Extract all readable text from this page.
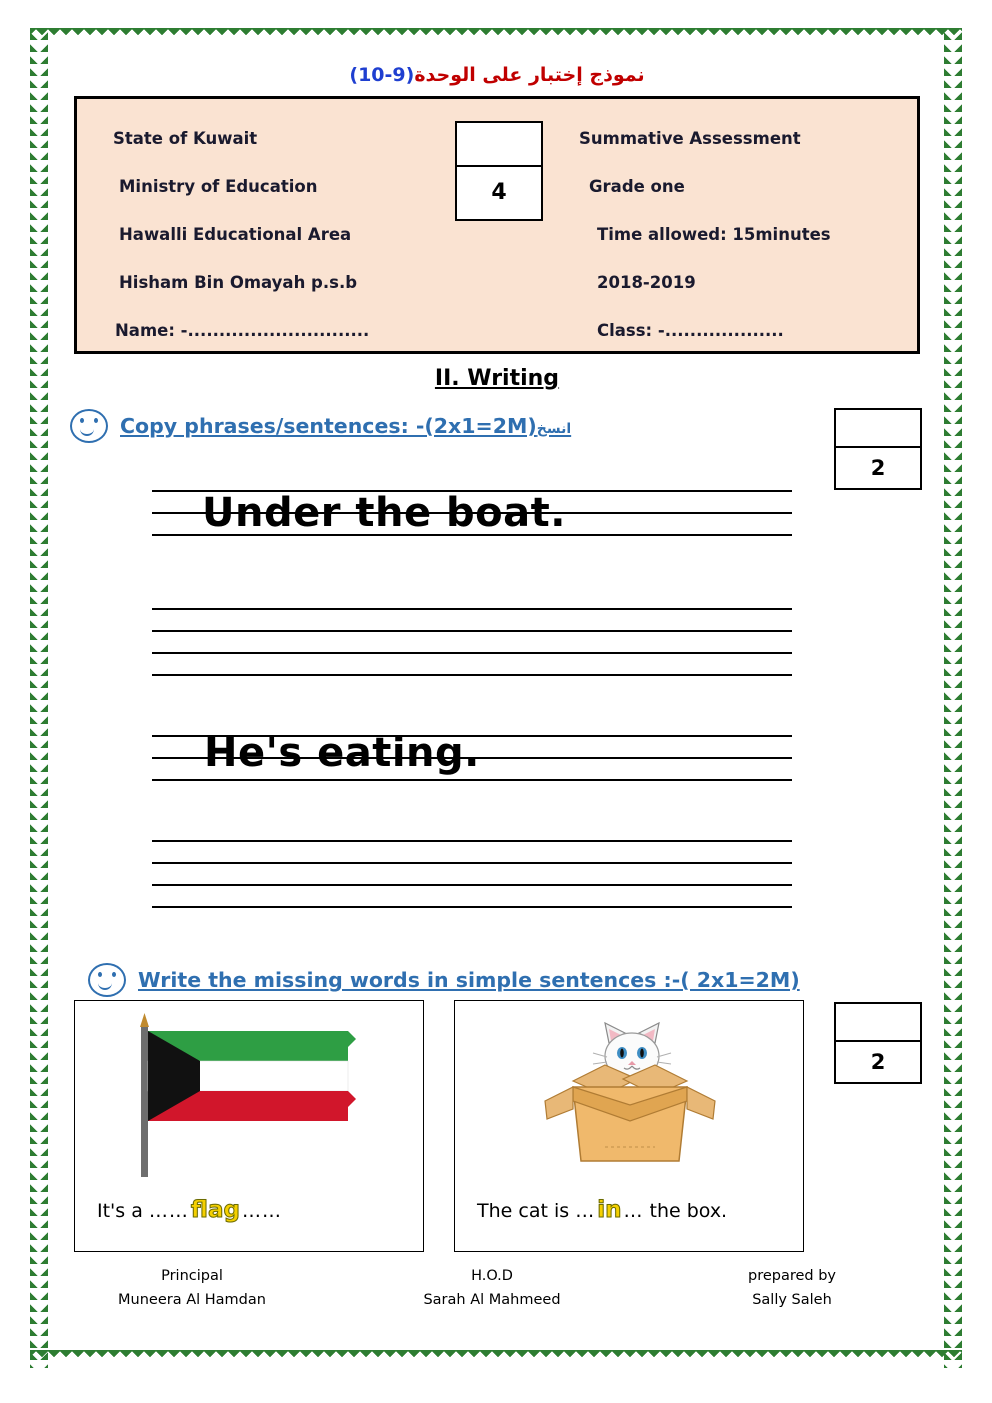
نموذج إختبار على الوحدة(9-10)
4
State of Kuwait	Summative Assessment
Ministry of Education	Grade one
Hawalli Educational Area	Time allowed: 15minutes
Hisham Bin Omayah p.s.b	2018-2019
Name: -.............................	Class: -...................
II. Writing
Copy phrases/sentences: -(2x1=2M)انسخ
2
Under the boat.
He's eating.
Write the missing words in simple sentences :-( 2x1=2M)
2
It's a ……flag ……	The cat is …in … the box.
Principal
Muneera Al Hamdan
H.O.D
Sarah Al Mahmeed
prepared by
Sally Saleh
